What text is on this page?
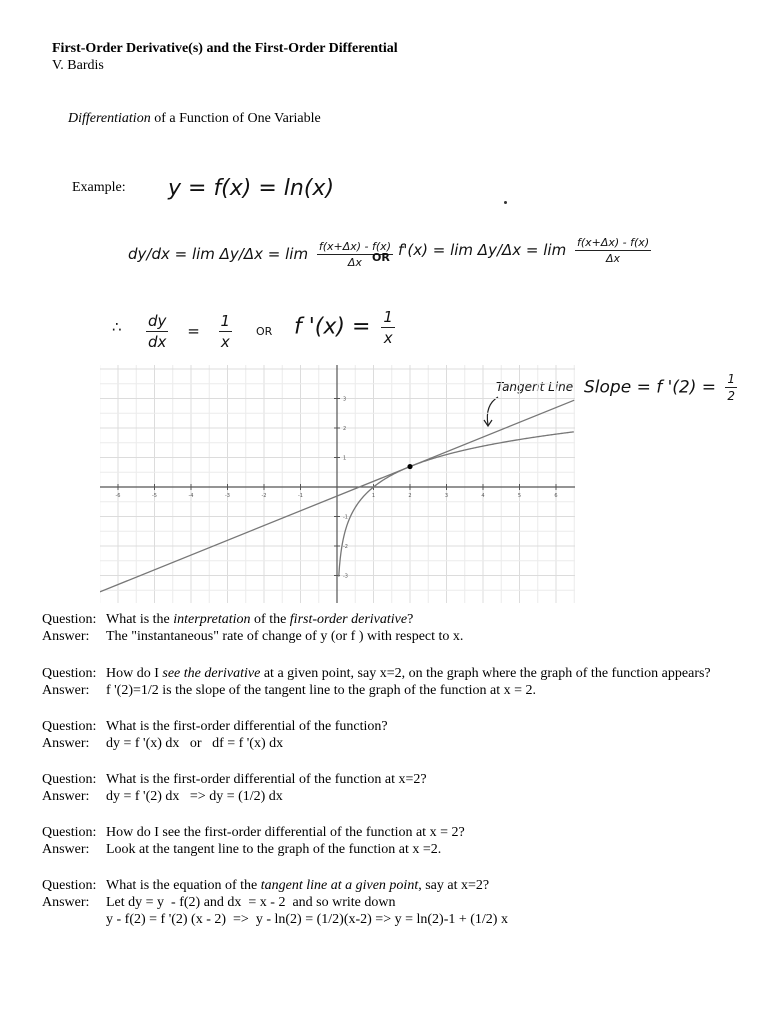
First-Order Derivative(s) and the First-Order Differential
V. Bardis
Differentiation of a Function of One Variable
Example: y = f(x) = ln(x)
$dy/dx = \lim \Delta y/\Delta x = \lim \frac{f(x+\Delta x) - f(x)}{\Delta x}$
OR $f'(x) = \lim \Delta y/\Delta x = \lim \frac{f(x+\Delta x) - f(x)}{\Delta x}$
∴ $\frac{dy}{dx} = \frac{1}{x}$ OR f '$(x) = \frac{1}{x}$
Tangent Line Slope = f '$(2) = \frac{1}{2}$
-6	-5	-4	-3	-2	-1	1	2	3	4	5	6
-3
-2
-1
1
2
3
Question: What is the interpretation of the first-order derivative?
Answer: The "instantaneous" rate of change of y (or f ) with respect to x.
Question: How do I see the derivative at a given point, say x=2, on the graph where the graph of the function appears?
Answer: f '(2)=1/2 is the slope of the tangent line to the graph of the function at x = 2.
Question: What is the first-order differential of the function?
Answer: dy = f '(x) dx   or   df = f '(x) dx
Question: What is the first-order differential of the function at x=2?
Answer: dy = f '(2) dx   => dy = (1/2) dx
Question: How do I see the first-order differential of the function at x = 2?
Answer: Look at the tangent line to the graph of the function at x =2.
Question: What is the equation of the tangent line at a given point, say at x=2?
Answer: Let dy = y  - f(2) and dx  = x - 2  and so write down
y - f(2) = f '(2) (x - 2)  =>  y - ln(2) = (1/2)(x-2) => y = ln(2)-1 + (1/2) x
